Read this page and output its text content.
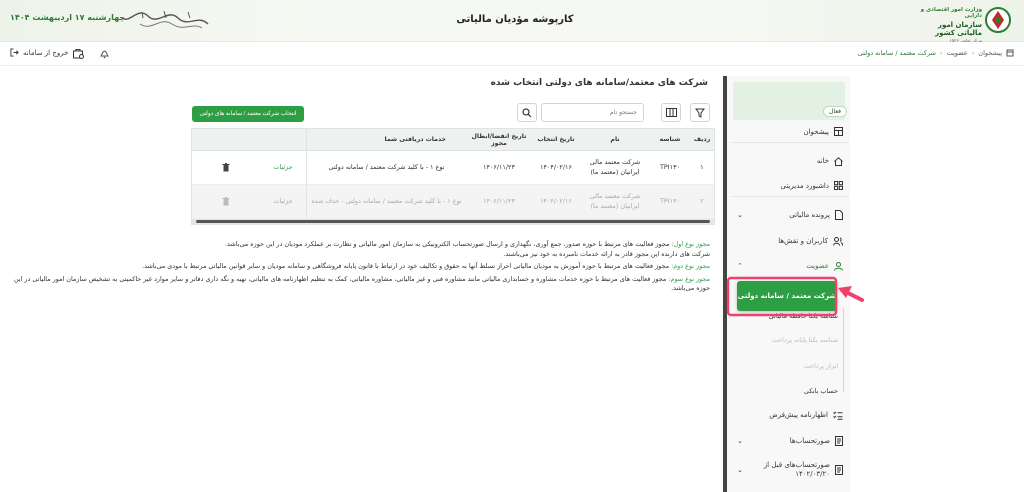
چهارشنبه ۱۷ اردیبهشت ۱۴۰۴	کارپوشه مؤدیان مالیاتی
وزارت امور اقتصادی و دارایی
سازمان امور مالیاتی کشور
خروج از سامانه	پیشخوان
‹
عضویت
‹
شرکت معتمد / سامانه دولتی
شرکت های معتمد/سامانه های دولتی انتخاب شده
انتخاب شرکت معتمد / سامانه های دولتی
جستجو نام
ردیف
شناسه
نام
تاریخ انتخاب
تاریخ انقضا/ابطال مجوز
خدمات دریافتی شما
۱
TPI۱۳۰
شرکت معتمد مالی ایرانیان (معتمد ما)
۱۴۰۴/۰۲/۱۶
۱۴۰۶/۱۱/۲۳
نوع ۱ - با کلید شرکت معتمد / سامانه دولتی
جزئیات
۲
TPI۱۳۰
شرکت معتمد مالی ایرانیان (معتمد ما)
۱۴۰۴/۰۲/۱۶
۱۴۰۶/۱۱/۲۳
نوع ۱ - با کلید شرکت معتمد / سامانه دولتی - حذف شده
جزئیات

مجوز نوع اول: مجوز فعالیت های مرتبط با حوزه صدور، جمع آوری، نگهداری و ارسال صورتحساب الکترونیکی به سازمان امور مالیاتی و نظارت بر عملکرد مودیان در این حوزه می‌باشد.
شرکت های دارنده این مجوز قادر به ارائه خدمات نامبرده به خود نیز می‌باشند.

مجوز نوع دوم: مجوز فعالیت های مرتبط با حوزه آموزش به مودیان مالیاتی احراز تسلط آنها به حقوق و تکالیف خود در ارتباط با قانون پایانه فروشگاهی و سامانه مودیان و سایر قوانین مالیاتی مرتبط با مودی می‌باشد.

مجوز نوع سوم: مجوز فعالیت های مرتبط با حوزه خدمات مشاوره و حسابداری مالیاتی مانند مشاوره فنی و غیر مالیاتی، مشاوره مالیاتی، کمک به تنظیم اظهارنامه های مالیاتی، تهیه و نگه داری دفاتر و سایر موارد غیر حاکمیتی به تشخیص سازمان امور مالیاتی در این حوزه می‌باشد.

فعال
پیشخوان
خانه
داشبورد مدیریتی
پرونده مالیاتی
⌄
کاربران و نقش‌ها
عضویت
⌃
شرکت معتمد / سامانه دولتی
شناسه یکتا حافظه مالیاتی
شناسه یکتا پایانه پرداخت
ابزار پرداخت
حساب بانکی
اظهارنامه پیش‌فرض
صورتحساب‌ها
⌄
صورتحساب‌های قبل از ۱۴۰۲/۰۳/۲۰
⌄
